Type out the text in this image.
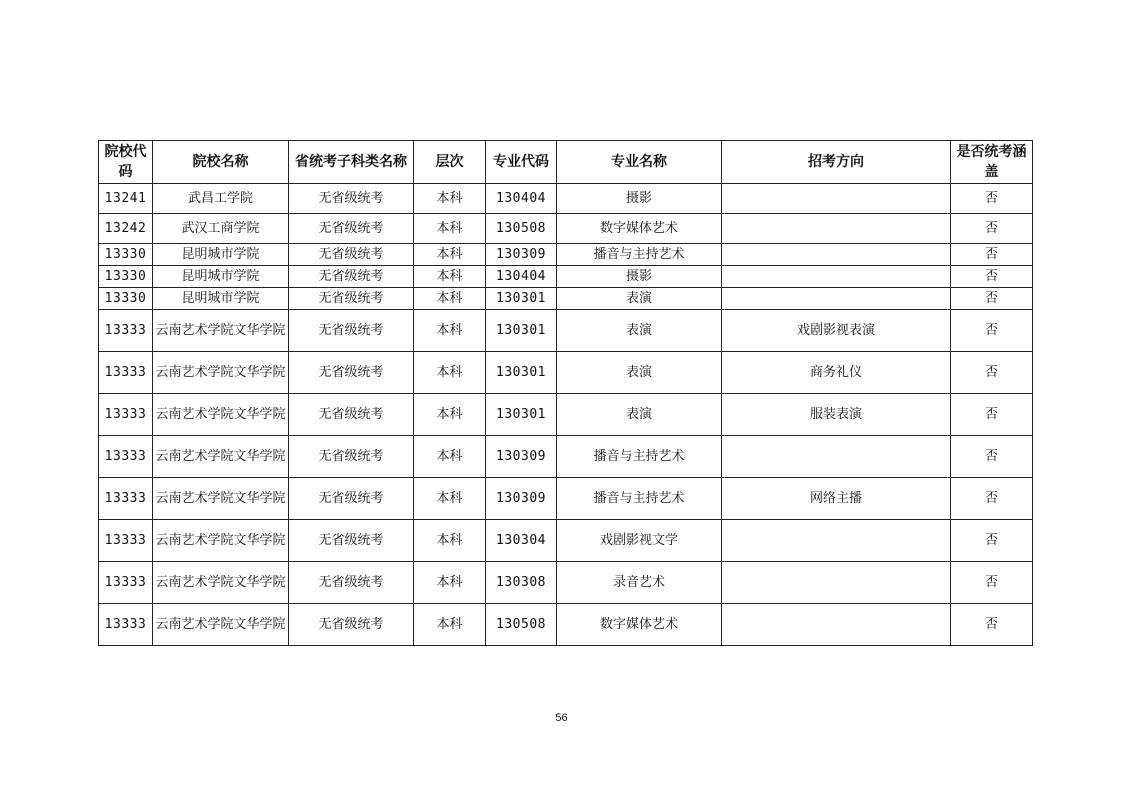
院校代码	院校名称	省统考子科类名称	层次	专业代码	专业名称	招考方向	是否统考涵盖
13241	武昌工学院	无省级统考	本科	130404	摄影		否
13242	武汉工商学院	无省级统考	本科	130508	数字媒体艺术		否
13330	昆明城市学院	无省级统考	本科	130309	播音与主持艺术		否
13330	昆明城市学院	无省级统考	本科	130404	摄影		否
13330	昆明城市学院	无省级统考	本科	130301	表演		否
13333	云南艺术学院文华学院	无省级统考	本科	130301	表演	戏剧影视表演	否
13333	云南艺术学院文华学院	无省级统考	本科	130301	表演	商务礼仪	否
13333	云南艺术学院文华学院	无省级统考	本科	130301	表演	服装表演	否
13333	云南艺术学院文华学院	无省级统考	本科	130309	播音与主持艺术		否
13333	云南艺术学院文华学院	无省级统考	本科	130309	播音与主持艺术	网络主播	否
13333	云南艺术学院文华学院	无省级统考	本科	130304	戏剧影视文学		否
13333	云南艺术学院文华学院	无省级统考	本科	130308	录音艺术		否
13333	云南艺术学院文华学院	无省级统考	本科	130508	数字媒体艺术		否
56
